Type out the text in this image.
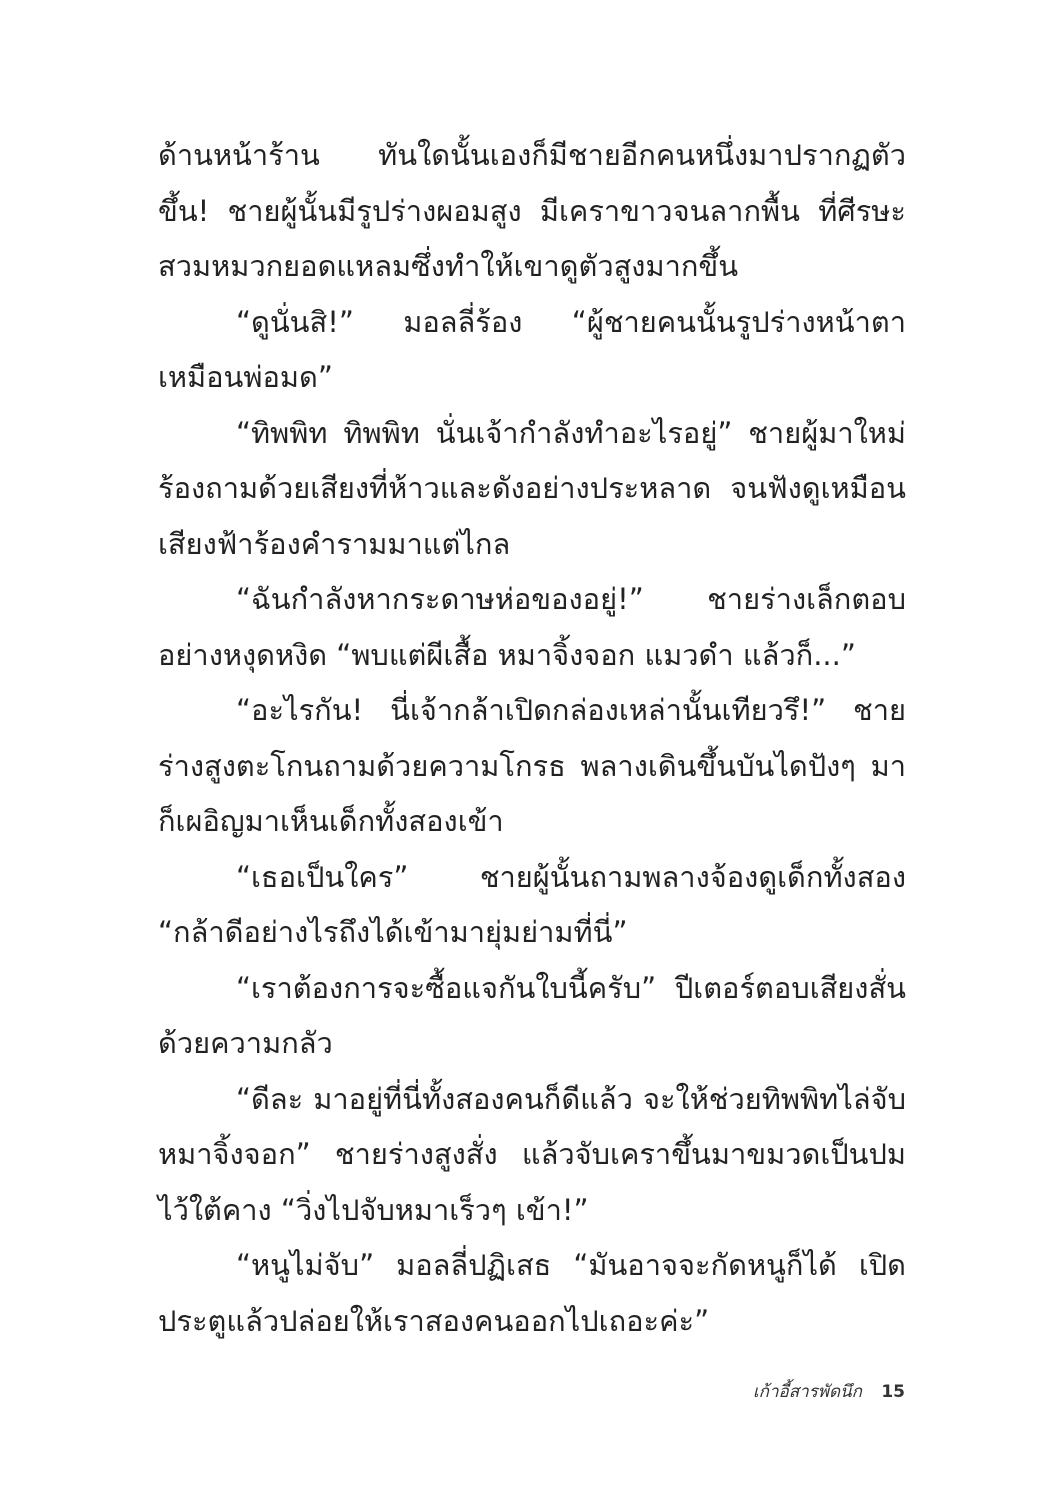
ด้านหน้าร้าน ทันใดนั้นเองก็มีชายอีกคนหนึ่งมาปรากฏตัวขึ้น! ชายผู้นั้นมีรูปร่างผอมสูง มีเคราขาวจนลากพื้น ที่ศีรษะสวมหมวกยอดแหลมซึ่งทำให้เขาดูตัวสูงมากขึ้น

“ดูนั่นสิ!” มอลลี่ร้อง “ผู้ชายคนนั้นรูปร่างหน้าตาเหมือนพ่อมด”

“ทิพพิท ทิพพิท นั่นเจ้ากำลังทำอะไรอยู่” ชายผู้มาใหม่ร้องถามด้วยเสียงที่ห้าวและดังอย่างประหลาด จนฟังดูเหมือนเสียงฟ้าร้องคำรามมาแต่ไกล

“ฉันกำลังหากระดาษห่อของอยู่!” ชายร่างเล็กตอบอย่างหงุดหงิด “พบแต่ผีเสื้อ หมาจิ้งจอก แมวดำ แล้วก็...”

“อะไรกัน! นี่เจ้ากล้าเปิดกล่องเหล่านั้นเทียวรึ!” ชายร่างสูงตะโกนถามด้วยความโกรธ พลางเดินขึ้นบันไดปังๆ มา ก็เผอิญมาเห็นเด็กทั้งสองเข้า

“เธอเป็นใคร” ชายผู้นั้นถามพลางจ้องดูเด็กทั้งสอง “กล้าดีอย่างไรถึงได้เข้ามายุ่มย่ามที่นี่”

“เราต้องการจะซื้อแจกันใบนี้ครับ” ปีเตอร์ตอบเสียงสั่นด้วยความกลัว

“ดีละ มาอยู่ที่นี่ทั้งสองคนก็ดีแล้ว จะให้ช่วยทิพพิทไล่จับหมาจิ้งจอก” ชายร่างสูงสั่ง แล้วจับเคราขึ้นมาขมวดเป็นปมไว้ใต้คาง “วิ่งไปจับหมาเร็วๆ เข้า!”

“หนูไม่จับ” มอลลี่ปฏิเสธ “มันอาจจะกัดหนูก็ได้ เปิดประตูแล้วปล่อยให้เราสองคนออกไปเถอะค่ะ”

เก้าอี้สารพัดนึก 15
